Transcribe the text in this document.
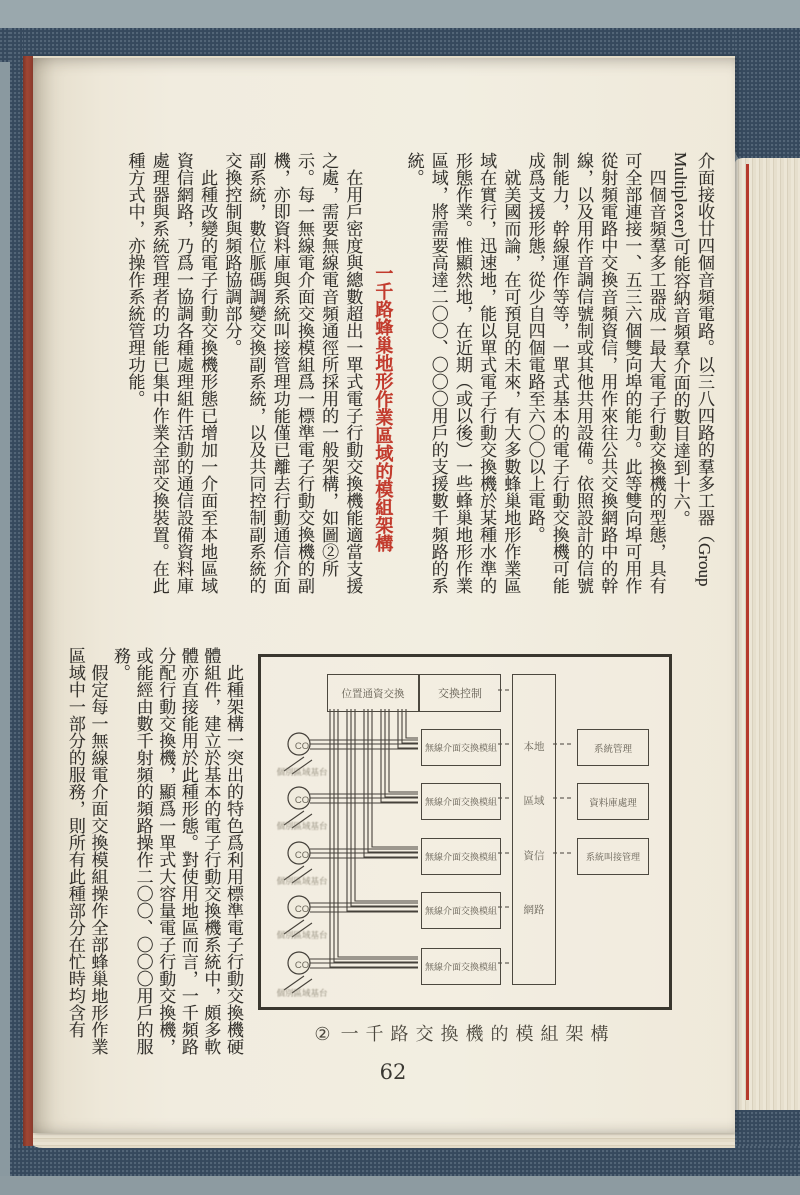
介面接收廿四個音頻電路。以三八四路的羣多工器（Group Multiplexer)可能容納音頻羣介面的數目達到十六。

四個音頻羣多工器成一最大電子行動交換機的型態，具有可全部連接一、五三六個雙向埠的能力。此等雙向埠可用作從射頻電路中交換音頻資信，用作來往公共交換網路中的幹線，以及用作音調信號制或其他共用設備。依照設計的信號制能力，幹線運作等等，一單式基本的電子行動交換機可能成爲支援形態，從少自四個電路至六〇〇以上電路。

就美國而論，在可預見的未來，有大多數蜂巢地形作業區域在實行，迅速地，能以單式電子行動交換機於某種水準的形態作業。惟顯然地，在近期（或以後）一些蜂巢地形作業區域，將需要高達二〇〇、〇〇〇用戶的支援數千頻路的系統。

一千路蜂巢地形作業區域的模組架構

在用戶密度與總數超出一單式電子行動交換機能適當支援之處，需要無線電音頻通徑所採用的一般架構，如圖②所示。每一無線電介面交換模組爲一標準電子行動交換機的副機，亦即資料庫與系統叫接管理功能僅已離去行動通信介面副系統，數位脈碼調變交換副系統，以及共同控制副系統的交換控制與頻路協調部分。

此種改變的電子行動交換機形態已增加一介面至本地區域資信網路，乃爲一協調各種處理組件活動的通信設備資料庫處理器與系統管理者的功能已集中作業全部交換裝置。在此種方式中，亦操作系統管理功能。

此種架構一突出的特色爲利用標準電子行動交換機硬體組件，建立於基本的電子行動交換機系統中，頗多軟體亦直接能用於此種形態。對使用地區而言，一千頻路分配行動交換機，顯爲一單式大容量電子行動交換機，或能經由數千射頻的頻路操作二〇〇、〇〇〇用戶的服務。

假定每一無線電介面交換模組操作全部蜂巢地形作業區域中一部分的服務，則所有此種部分在忙時均含有	位置通資交換	交換控制
無線介面交換模組
無線介面交換模組
無線介面交換模組
無線介面交換模組
無線介面交換模組
本地
區域
資信
網路
系統管理
資料庫處理
系統叫接管理
CO
CO
CO
CO
CO
個別區域基台
個別區域基台
個別區域基台
個別區域基台
個別區域基台
② 一千路交換機的模組架構
62
